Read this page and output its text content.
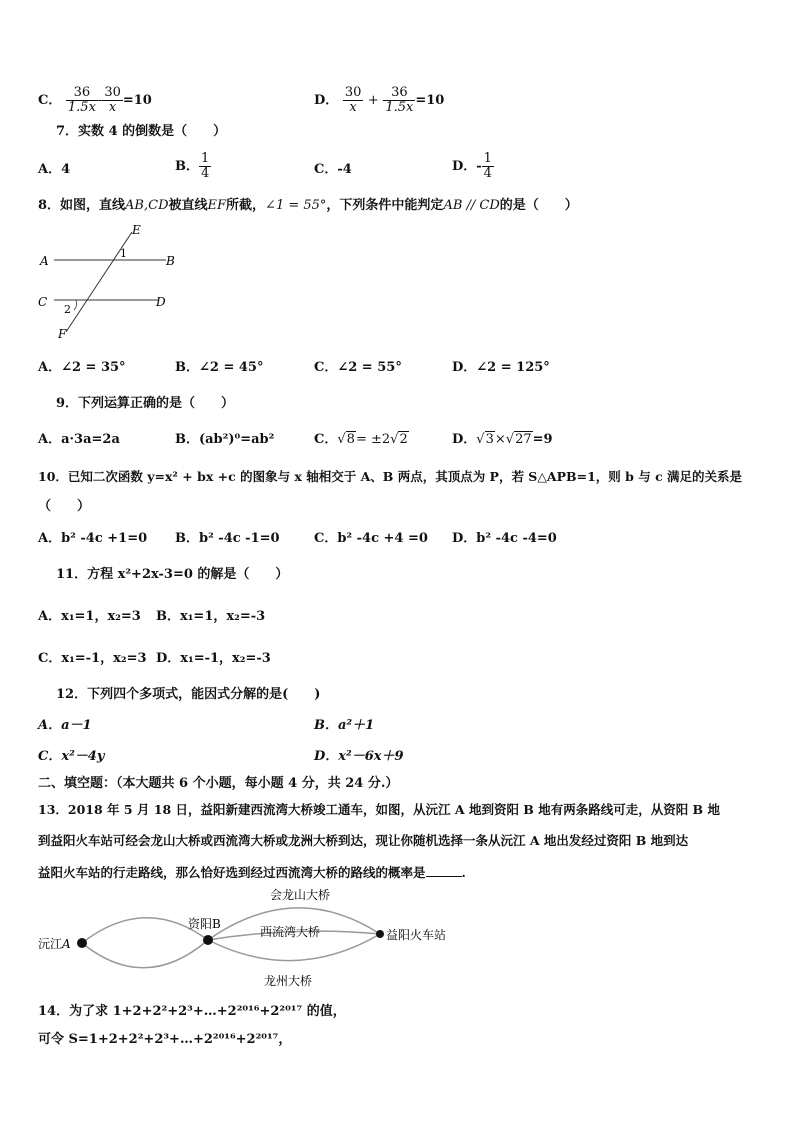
C． $\frac{36}{1.5x} - \frac{30}{x} =10$	D． $\frac{30}{x} + \frac{36}{1.5x} =10$
7．实数 4 的倒数是（　　）
A．4	B． $\frac{1}{4}$	C．-4	D．- $\frac{1}{4}$
8．如图，直线AB,CD被直线EF所截，∠1 = 55°，下列条件中能判定AB // CD的是（　　）
A	B
C	D
E
F
1
2
A．∠2 = 35°	B．∠2 = 45°	C．∠2 = 55°	D．∠2 = 125°
9．下列运算正确的是（　　）
A．a·3a=2a	B．(ab²)⁰=ab²	C．√8= ±2√2	D．√3×√27=9
10．已知二次函数 y=x² + bx +c 的图象与 x 轴相交于 A、B 两点，其顶点为 P，若 S△APB=1，则 b 与 c 满足的关系是
（　　）
A．b² -4c +1=0 B．b² -4c -1=0	C．b² -4c +4 =0 D．b² -4c -4=0
11．方程 x²+2x-3=0 的解是（　　）
A．x₁=1，x₂=3 B．x₁=1，x₂=-3
C．x₁=-1，x₂=3 D．x₁=-1，x₂=-3
12．下列四个多项式，能因式分解的是(　　)
A．a－1	B．a²＋1
C．x²－4y	D．x²－6x＋9
二、填空题：（本大题共 6 个小题，每小题 4 分，共 24 分.）
13．2018 年 5 月 18 日，益阳新建西流湾大桥竣工通车，如图，从沅江 A 地到资阳 B 地有两条路线可走，从资阳 B 地
到益阳火车站可经会龙山大桥或西流湾大桥或龙洲大桥到达，现让你随机选择一条从沅江 A 地出发经过资阳 B 地到达
益阳火车站的行走路线，那么恰好选到经过西流湾大桥的路线的概率是	.
沅江A
资阳B
益阳火车站
会龙山大桥
西流湾大桥
龙州大桥
14．为了求 1+2+2²+2³+…+2²⁰¹⁶+2²⁰¹⁷ 的值，
可令 S=1+2+2²+2³+…+2²⁰¹⁶+2²⁰¹⁷，
